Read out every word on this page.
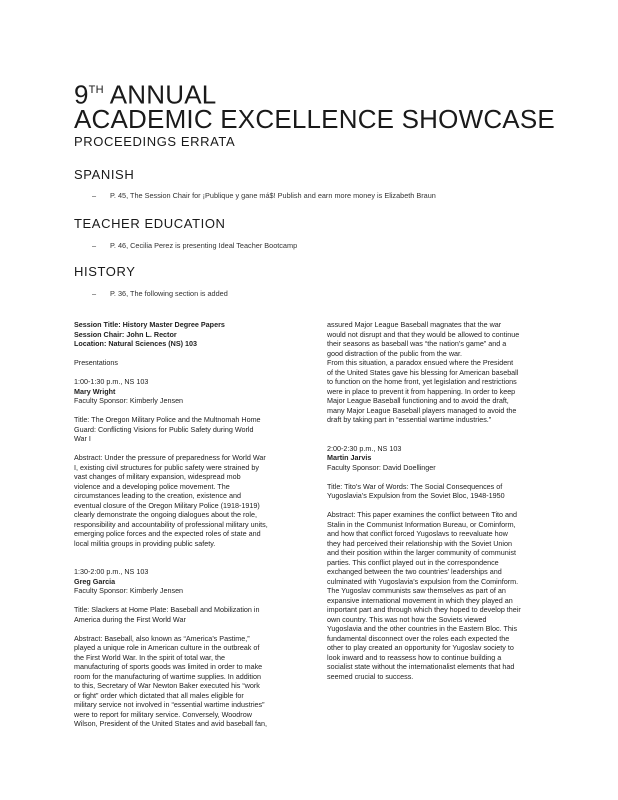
9TH ANNUAL
ACADEMIC EXCELLENCE SHOWCASE
PROCEEDINGS ERRATA
SPANISH
– P. 45, The Session Chair for ¡Publique y gane má$! Publish and earn more money is Elizabeth Braun
TEACHER EDUCATION
– P. 46, Cecilia Perez is presenting Ideal Teacher Bootcamp
HISTORY
– P. 36, The following section is added

Session Title: History Master Degree Papers

Session Chair: John L. Rector

Location: Natural Sciences (NS) 103

Presentations

1:00-1:30 p.m., NS 103

Mary Wright

Faculty Sponsor: Kimberly Jensen

Title: The Oregon Military Police and the Multnomah Home

Guard: Conflicting Visions for Public Safety during World

War I

Abstract: Under the pressure of preparedness for World War

I, existing civil structures for public safety were strained by

vast changes of military expansion, widespread mob

violence and a developing police movement. The

circumstances leading to the creation, existence and

eventual closure of the Oregon Military Police (1918-1919)

clearly demonstrate the ongoing dialogues about the role,

responsibility and accountability of professional military units,

emerging police forces and the expected roles of state and

local militia groups in providing public safety.

1:30-2:00 p.m., NS 103

Greg Garcia

Faculty Sponsor: Kimberly Jensen

Title: Slackers at Home Plate: Baseball and Mobilization in

America during the First World War

Abstract: Baseball, also known as “America’s Pastime,”

played a unique role in American culture in the outbreak of

the First World War. In the spirit of total war, the

manufacturing of sports goods was limited in order to make

room for the manufacturing of wartime supplies. In addition

to this, Secretary of War Newton Baker executed his “work

or fight” order which dictated that all males eligible for

military service not involved in “essential wartime industries”

were to report for military service. Conversely, Woodrow

Wilson, President of the United States and avid baseball fan,

assured Major League Baseball magnates that the war

would not disrupt and that they would be allowed to continue

their seasons as baseball was “the nation’s game” and a

good distraction of the public from the war.

From this situation, a paradox ensued where the President

of the United States gave his blessing for American baseball

to function on the home front, yet legislation and restrictions

were in place to prevent it from happening. In order to keep

Major League Baseball functioning and to avoid the draft,

many Major League Baseball players managed to avoid the

draft by taking part in “essential wartime industries.”

2:00-2:30 p.m., NS 103

Martin Jarvis

Faculty Sponsor: David Doellinger

Title: Tito’s War of Words: The Social Consequences of

Yugoslavia’s Expulsion from the Soviet Bloc, 1948-1950

Abstract: This paper examines the conflict between Tito and

Stalin in the Communist Information Bureau, or Cominform,

and how that conflict forced Yugoslavs to reevaluate how

they had perceived their relationship with the Soviet Union

and their position within the larger community of communist

parties. This conflict played out in the correspondence

exchanged between the two countries’ leaderships and

culminated with Yugoslavia’s expulsion from the Cominform.

The Yugoslav communists saw themselves as part of an

expansive international movement in which they played an

important part and through which they hoped to develop their

own country. This was not how the Soviets viewed

Yugoslavia and the other countries in the Eastern Bloc. This

fundamental disconnect over the roles each expected the

other to play created an opportunity for Yugoslav society to

look inward and to reassess how to continue building a

socialist state without the internationalist elements that had

seemed crucial to success.
